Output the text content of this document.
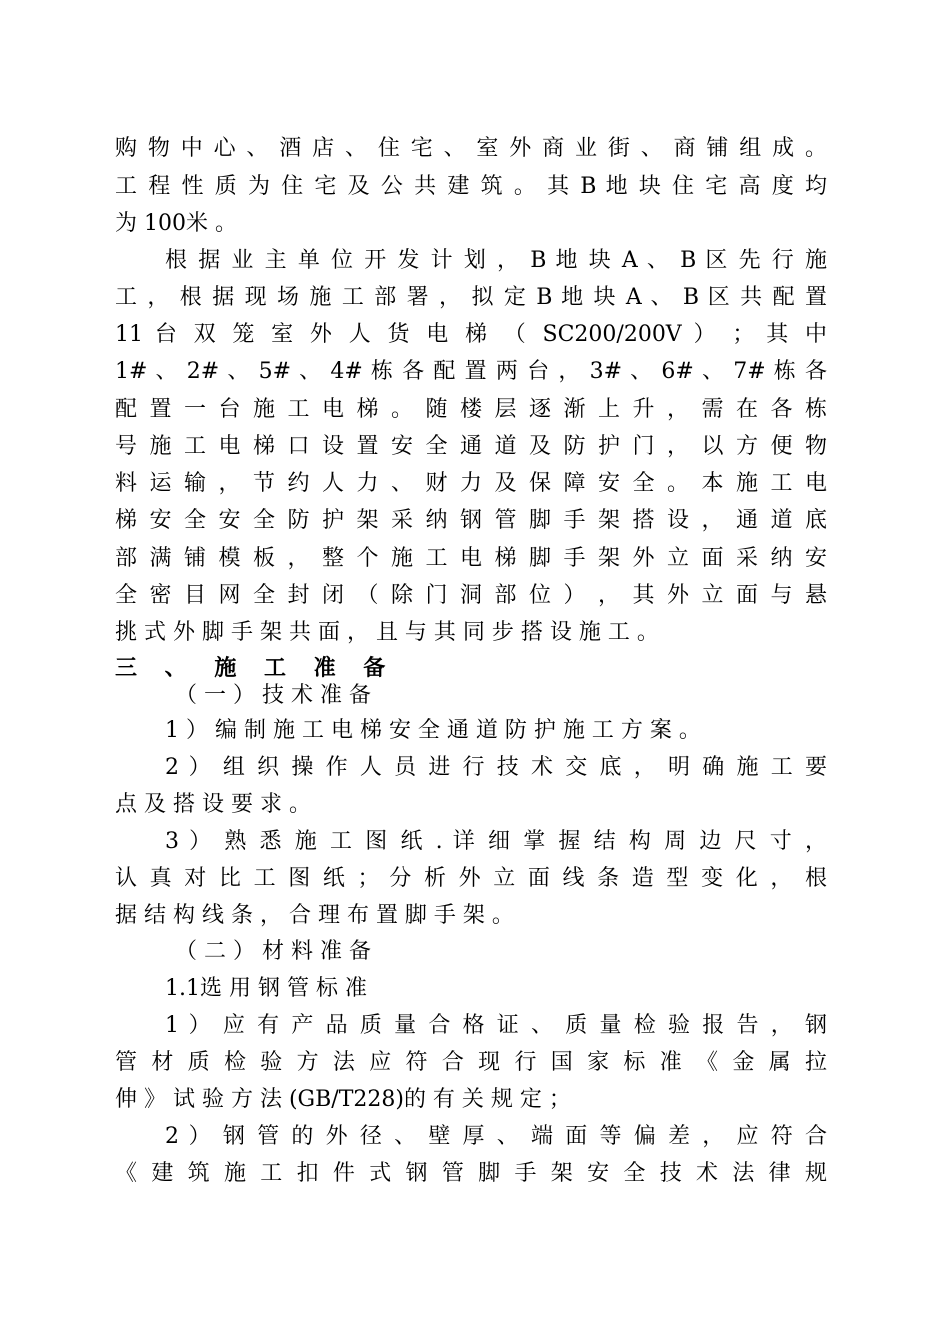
购 物 中 心 、 酒 店 、 住 宅 、 室 外 商 业 街 、 商 铺 组 成 。
工 程 性 质 为 住 宅 及 公 共 建 筑 。 其 B 地 块 住 宅 高 度 均
为 100米 。
根 据 业 主 单 位 开 发 计 划 ， B 地 块 A 、 B 区 先 行 施
工 ， 根 据 现 场 施 工 部 署 ， 拟 定 B 地 块 A 、 B 区 共 配 置
11 台 双 笼 室 外 人 货 电 梯 （ SC200/200V ） ； 其 中
1# 、 2# 、 5# 、 4# 栋 各 配 置 两 台 ， 3# 、 6# 、 7# 栋 各
配 置 一 台 施 工 电 梯 。 随 楼 层 逐 渐 上 升 ， 需 在 各 栋
号 施 工 电 梯 口 设 置 安 全 通 道 及 防 护 门 ， 以 方 便 物
料 运 输 ， 节 约 人 力 、 财 力 及 保 障 安 全 。 本 施 工 电
梯 安 全 安 全 防 护 架 采 纳 钢 管 脚 手 架 搭 设 ， 通 道 底
部 满 铺 模 板 ， 整 个 施 工 电 梯 脚 手 架 外 立 面 采 纳 安
全 密 目 网 全 封 闭 （ 除 门 洞 部 位 ） ， 其 外 立 面 与 悬
挑 式 外 脚 手 架 共 面 ， 且 与 其 同 步 搭 设 施 工 。
三 、 施 工 准 备
（ 一 ） 技 术 准 备
1 ） 编 制 施 工 电 梯 安 全 通 道 防 护 施 工 方 案 。
2 ） 组 织 操 作 人 员 进 行 技 术 交 底 ， 明 确 施 工 要
点 及 搭 设 要 求 。
3 ） 熟 悉 施 工 图 纸 . 详 细 掌 握 结 构 周 边 尺 寸 ，
认 真 对 比 工 图 纸 ； 分 析 外 立 面 线 条 造 型 变 化 ， 根
据 结 构 线 条 ， 合 理 布 置 脚 手 架 。
（ 二 ） 材 料 准 备
1.1选 用 钢 管 标 准
1 ） 应 有 产 品 质 量 合 格 证 、 质 量 检 验 报 告 ， 钢
管 材 质 检 验 方 法 应 符 合 现 行 国 家 标 准 《 金 属 拉
伸 》 试 验 方 法 (GB/T228)的 有 关 规 定 ；
2 ） 钢 管 的 外 径 、 壁 厚 、 端 面 等 偏 差 ， 应 符 合
《 建 筑 施 工 扣 件 式 钢 管 脚 手 架 安 全 技 术 法 律 规
